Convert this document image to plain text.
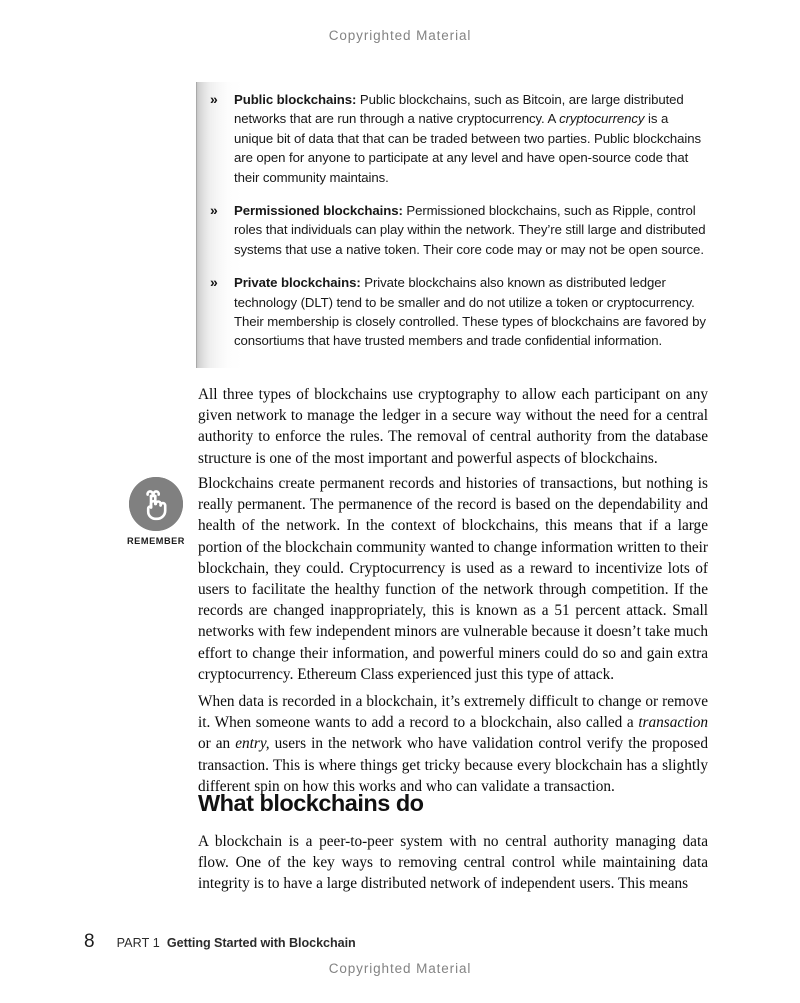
Copyrighted Material
» Public blockchains: Public blockchains, such as Bitcoin, are large distributed networks that are run through a native cryptocurrency. A cryptocurrency is a unique bit of data that that can be traded between two parties. Public blockchains are open for anyone to participate at any level and have open-source code that their community maintains.
» Permissioned blockchains: Permissioned blockchains, such as Ripple, control roles that individuals can play within the network. They’re still large and distributed systems that use a native token. Their core code may or may not be open source.
» Private blockchains: Private blockchains also known as distributed ledger technology (DLT) tend to be smaller and do not utilize a token or cryptocurrency. Their membership is closely controlled. These types of blockchains are favored by consortiums that have trusted members and trade confidential information.

All three types of blockchains use cryptography to allow each participant on any given network to manage the ledger in a secure way without the need for a central authority to enforce the rules. The removal of central authority from the database structure is one of the most important and powerful aspects of blockchains.

REMEMBER

Blockchains create permanent records and histories of transactions, but nothing is really permanent. The permanence of the record is based on the dependability and health of the network. In the context of blockchains, this means that if a large portion of the blockchain community wanted to change information written to their blockchain, they could. Cryptocurrency is used as a reward to incentivize lots of users to facilitate the healthy function of the network through competition. If the records are changed inappropriately, this is known as a 51 percent attack. Small networks with few independent minors are vulnerable because it doesn’t take much effort to change their information, and powerful miners could do so and gain extra cryptocurrency. Ethereum Class experienced just this type of attack.

When data is recorded in a blockchain, it’s extremely difficult to change or remove it. When someone wants to add a record to a blockchain, also called a transaction or an entry, users in the network who have validation control verify the proposed transaction. This is where things get tricky because every blockchain has a slightly different spin on how this works and who can validate a transaction.

What blockchains do

A blockchain is a peer-to-peer system with no central authority managing data flow. One of the key ways to removing central control while maintaining data integrity is to have a large distributed network of independent users. This means

8 PART 1 Getting Started with Blockchain
Copyrighted Material
